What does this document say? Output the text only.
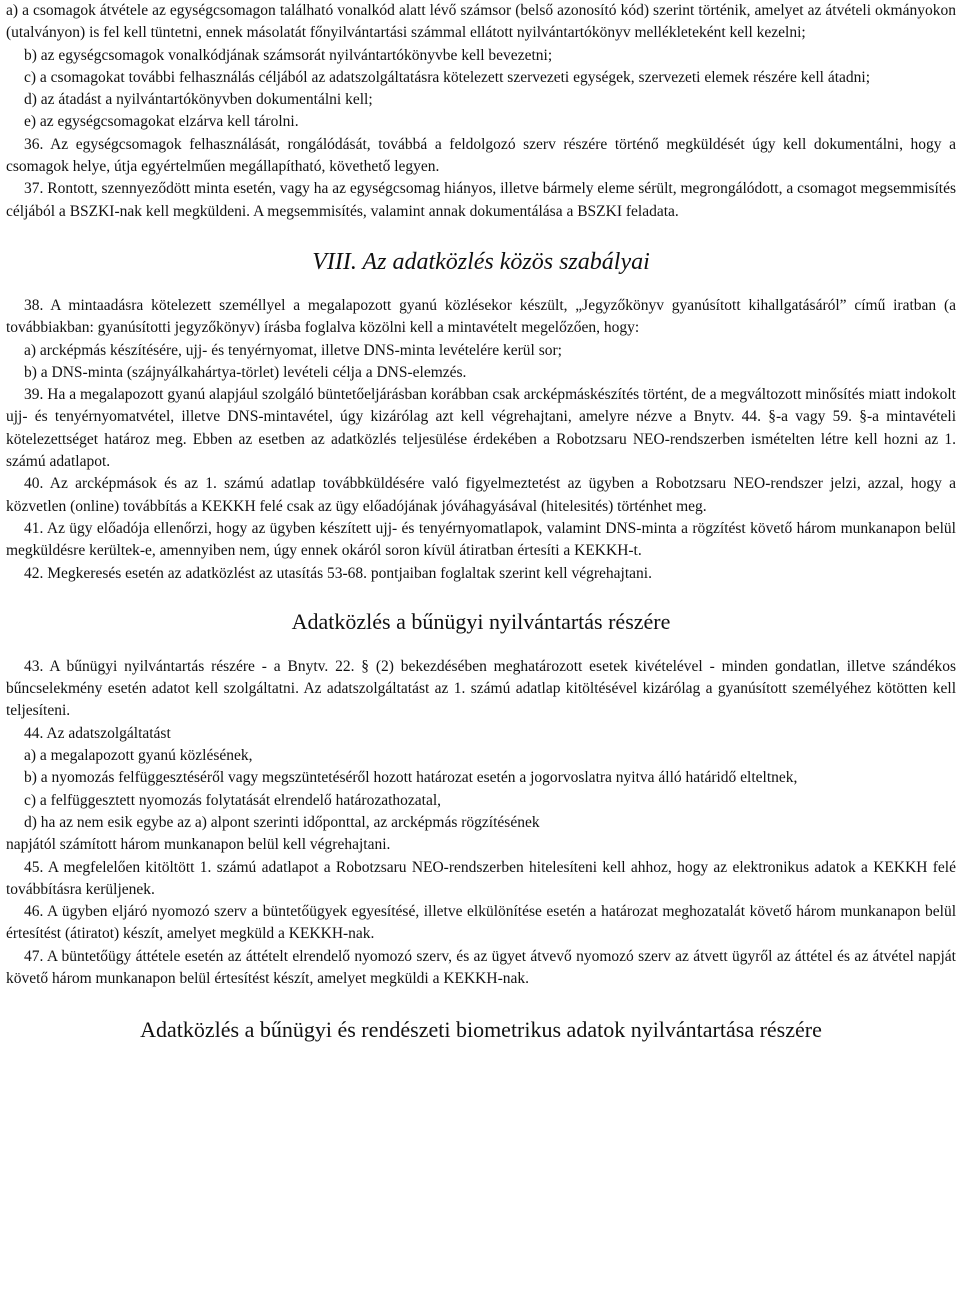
a) a csomagok átvétele az egységcsomagon található vonalkód alatt lévő számsor (belső azonosító kód) szerint történik, amelyet az átvételi okmányokon (utalványon) is fel kell tüntetni, ennek másolatát főnyilvántartási számmal ellátott nyilvántartókönyv mellékleteként kell kezelni;

b) az egységcsomagok vonalkódjának számsorát nyilvántartókönyvbe kell bevezetni;

c) a csomagokat további felhasználás céljából az adatszolgáltatásra kötelezett szervezeti egységek, szervezeti elemek részére kell átadni;

d) az átadást a nyilvántartókönyvben dokumentálni kell;

e) az egységcsomagokat elzárva kell tárolni.

36. Az egységcsomagok felhasználását, rongálódását, továbbá a feldolgozó szerv részére történő megküldését úgy kell dokumentálni, hogy a csomagok helye, útja egyértelműen megállapítható, követhető legyen.

37. Rontott, szennyeződött minta esetén, vagy ha az egységcsomag hiányos, illetve bármely eleme sérült, megrongálódott, a csomagot megsemmisítés céljából a BSZKI-nak kell megküldeni. A megsemmisítés, valamint annak dokumentálása a BSZKI feladata.

VIII. Az adatközlés közös szabályai

38. A mintaadásra kötelezett személlyel a megalapozott gyanú közlésekor készült, „Jegyzőkönyv gyanúsított kihallgatásáról” című iratban (a továbbiakban: gyanúsítotti jegyzőkönyv) írásba foglalva közölni kell a mintavételt megelőzően, hogy:

a) arcképmás készítésére, ujj- és tenyérnyomat, illetve DNS-minta levételére kerül sor;

b) a DNS-minta (szájnyálkahártya-törlet) levételi célja a DNS-elemzés.

39. Ha a megalapozott gyanú alapjául szolgáló büntetőeljárásban korábban csak arcképmáskészítés történt, de a megváltozott minősítés miatt indokolt ujj- és tenyérnyomatvétel, illetve DNS-mintavétel, úgy kizárólag azt kell végrehajtani, amelyre nézve a Bnytv. 44. §-a vagy 59. §-a mintavételi kötelezettséget határoz meg. Ebben az esetben az adatközlés teljesülése érdekében a Robotzsaru NEO-rendszerben ismételten létre kell hozni az 1. számú adatlapot.

40. Az arcképmások és az 1. számú adatlap továbbküldésére való figyelmeztetést az ügyben a Robotzsaru NEO-rendszer jelzi, azzal, hogy a közvetlen (online) továbbítás a KEKKH felé csak az ügy előadójának jóváhagyásával (hitelesités) történhet meg.

41. Az ügy előadója ellenőrzi, hogy az ügyben készített ujj- és tenyérnyomatlapok, valamint DNS-minta a rögzítést követő három munkanapon belül megküldésre kerültek-e, amennyiben nem, úgy ennek okáról soron kívül átiratban értesíti a KEKKH-t.

42. Megkeresés esetén az adatközlést az utasítás 53-68. pontjaiban foglaltak szerint kell végrehajtani.

Adatközlés a bűnügyi nyilvántartás részére

43. A bűnügyi nyilvántartás részére - a Bnytv. 22. § (2) bekezdésében meghatározott esetek kivételével - minden gondatlan, illetve szándékos bűncselekmény esetén adatot kell szolgáltatni. Az adatszolgáltatást az 1. számú adatlap kitöltésével kizárólag a gyanúsított személyéhez kötötten kell teljesíteni.

44. Az adatszolgáltatást

a) a megalapozott gyanú közlésének,

b) a nyomozás felfüggesztéséről vagy megszüntetéséről hozott határozat esetén a jogorvoslatra nyitva álló határidő elteltnek,

c) a felfüggesztett nyomozás folytatását elrendelő határozathozatal,

d) ha az nem esik egybe az a) alpont szerinti időponttal, az arcképmás rögzítésének

napjától számított három munkanapon belül kell végrehajtani.

45. A megfelelően kitöltött 1. számú adatlapot a Robotzsaru NEO-rendszerben hitelesíteni kell ahhoz, hogy az elektronikus adatok a KEKKH felé továbbításra kerüljenek.

46. A ügyben eljáró nyomozó szerv a büntetőügyek egyesítésé, illetve elkülönítése esetén a határozat meghozatalát követő három munkanapon belül értesítést (átiratot) készít, amelyet megküld a KEKKH-nak.

47. A büntetőügy áttétele esetén az áttételt elrendelő nyomozó szerv, és az ügyet átvevő nyomozó szerv az átvett ügyről az áttétel és az átvétel napját követő három munkanapon belül értesítést készít, amelyet megküldi a KEKKH-nak.

Adatközlés a bűnügyi és rendészeti biometrikus adatok nyilvántartása részére
